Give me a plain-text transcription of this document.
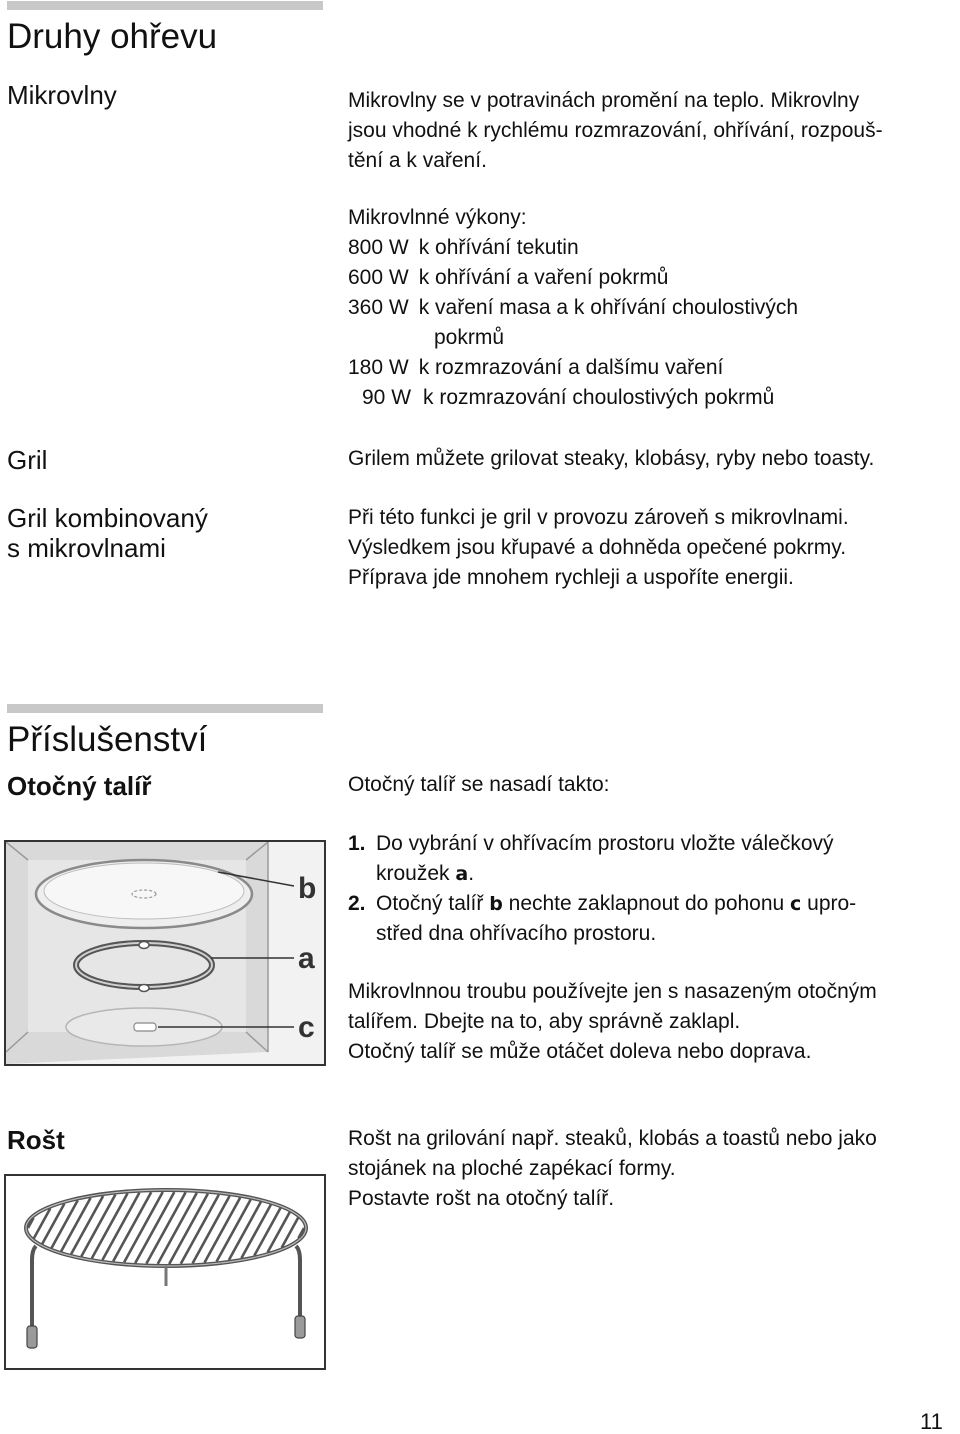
Druhy ohřevu
Mikrovlny	Mikrovlny se v potravinách promění na teplo. Mikrovlny
jsou vhodné k rychlému rozmrazování, ohřívání, rozpouš-
tění a k vaření.
Mikrovlnné výkony:
800 W k ohřívání tekutin
600 W k ohřívání a vaření pokrmů
360 W k vaření masa a k ohřívání choulostivých
pokrmů
180 W k rozmrazování a dalšímu vaření
90 W k rozmrazování choulostivých pokrmů
Gril	Grilem můžete grilovat steaky, klobásy, ryby nebo toasty.
Gril kombinovaný
s mikrovlnami
Při této funkci je gril v provozu zároveň s mikrovlnami.
Výsledkem jsou křupavé a dohněda opečené pokrmy.
Příprava jde mnohem rychleji a uspoříte energii.
Příslušenství
Otočný talíř	Otočný talíř se nasadí takto:
1. Do vybrání v ohřívacím prostoru vložte válečkový
kroužek a.
2. Otočný talíř b nechte zaklapnout do pohonu c upro-
střed dna ohřívacího prostoru.
Mikrovlnnou troubu používejte jen s nasazeným otočným
talířem. Dbejte na to, aby správně zaklapl.
Otočný talíř se může otáčet doleva nebo doprava.
b
a
c
Rošt	Rošt na grilování např. steaků, klobás a toastů nebo jako
stojánek na ploché zapékací formy.
Postavte rošt na otočný talíř.
11
